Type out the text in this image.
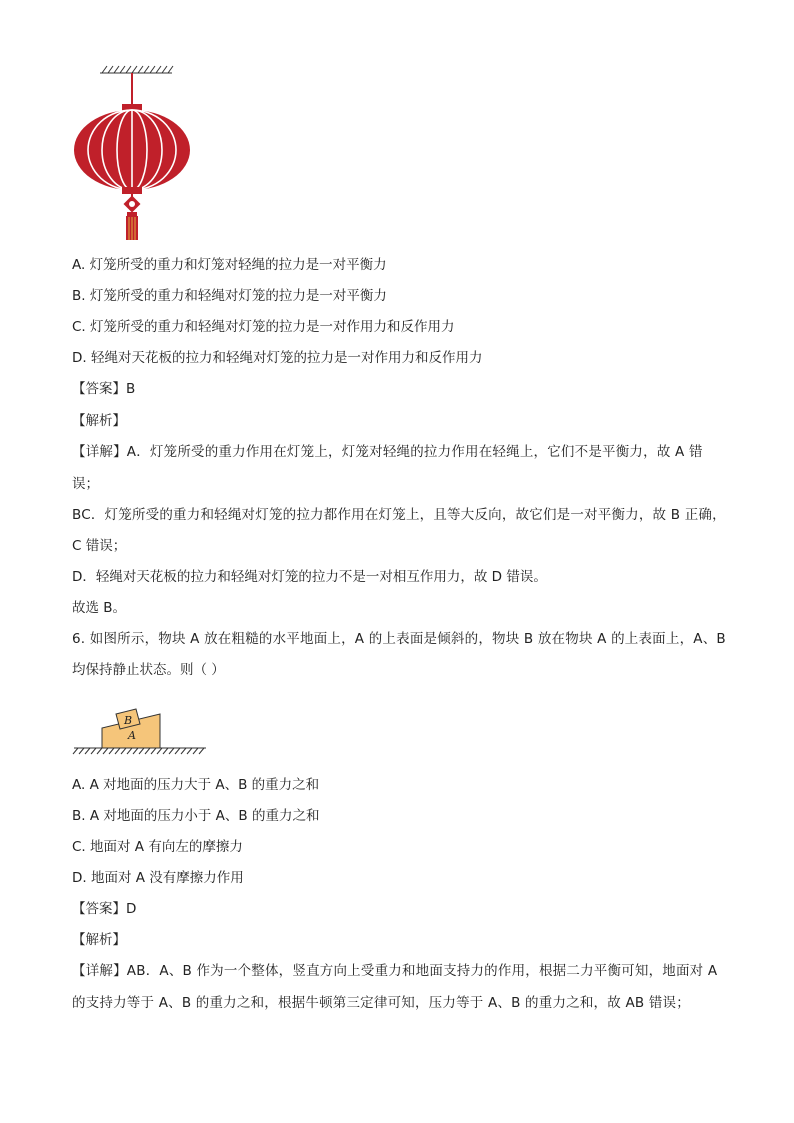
A. 灯笼所受的重力和灯笼对轻绳的拉力是一对平衡力
B. 灯笼所受的重力和轻绳对灯笼的拉力是一对平衡力
C. 灯笼所受的重力和轻绳对灯笼的拉力是一对作用力和反作用力
D. 轻绳对天花板的拉力和轻绳对灯笼的拉力是一对作用力和反作用力
【答案】B
【解析】
【详解】A．灯笼所受的重力作用在灯笼上，灯笼对轻绳的拉力作用在轻绳上，它们不是平衡力，故 A 错
误；
BC．灯笼所受的重力和轻绳对灯笼的拉力都作用在灯笼上，且等大反向，故它们是一对平衡力，故 B 正确，
C 错误；
D．轻绳对天花板的拉力和轻绳对灯笼的拉力不是一对相互作用力，故 D 错误。
故选 B。
6. 如图所示，物块 A 放在粗糙的水平地面上，A 的上表面是倾斜的，物块 B 放在物块 A 的上表面上，A、B
均保持静止状态。则（ ）
A
B
A. A 对地面的压力大于 A、B 的重力之和
B. A 对地面的压力小于 A、B 的重力之和
C. 地面对 A 有向左的摩擦力
D. 地面对 A 没有摩擦力作用
【答案】D
【解析】
【详解】AB．A、B 作为一个整体，竖直方向上受重力和地面支持力的作用，根据二力平衡可知，地面对 A
的支持力等于 A、B 的重力之和，根据牛顿第三定律可知，压力等于 A、B 的重力之和，故 AB 错误；
